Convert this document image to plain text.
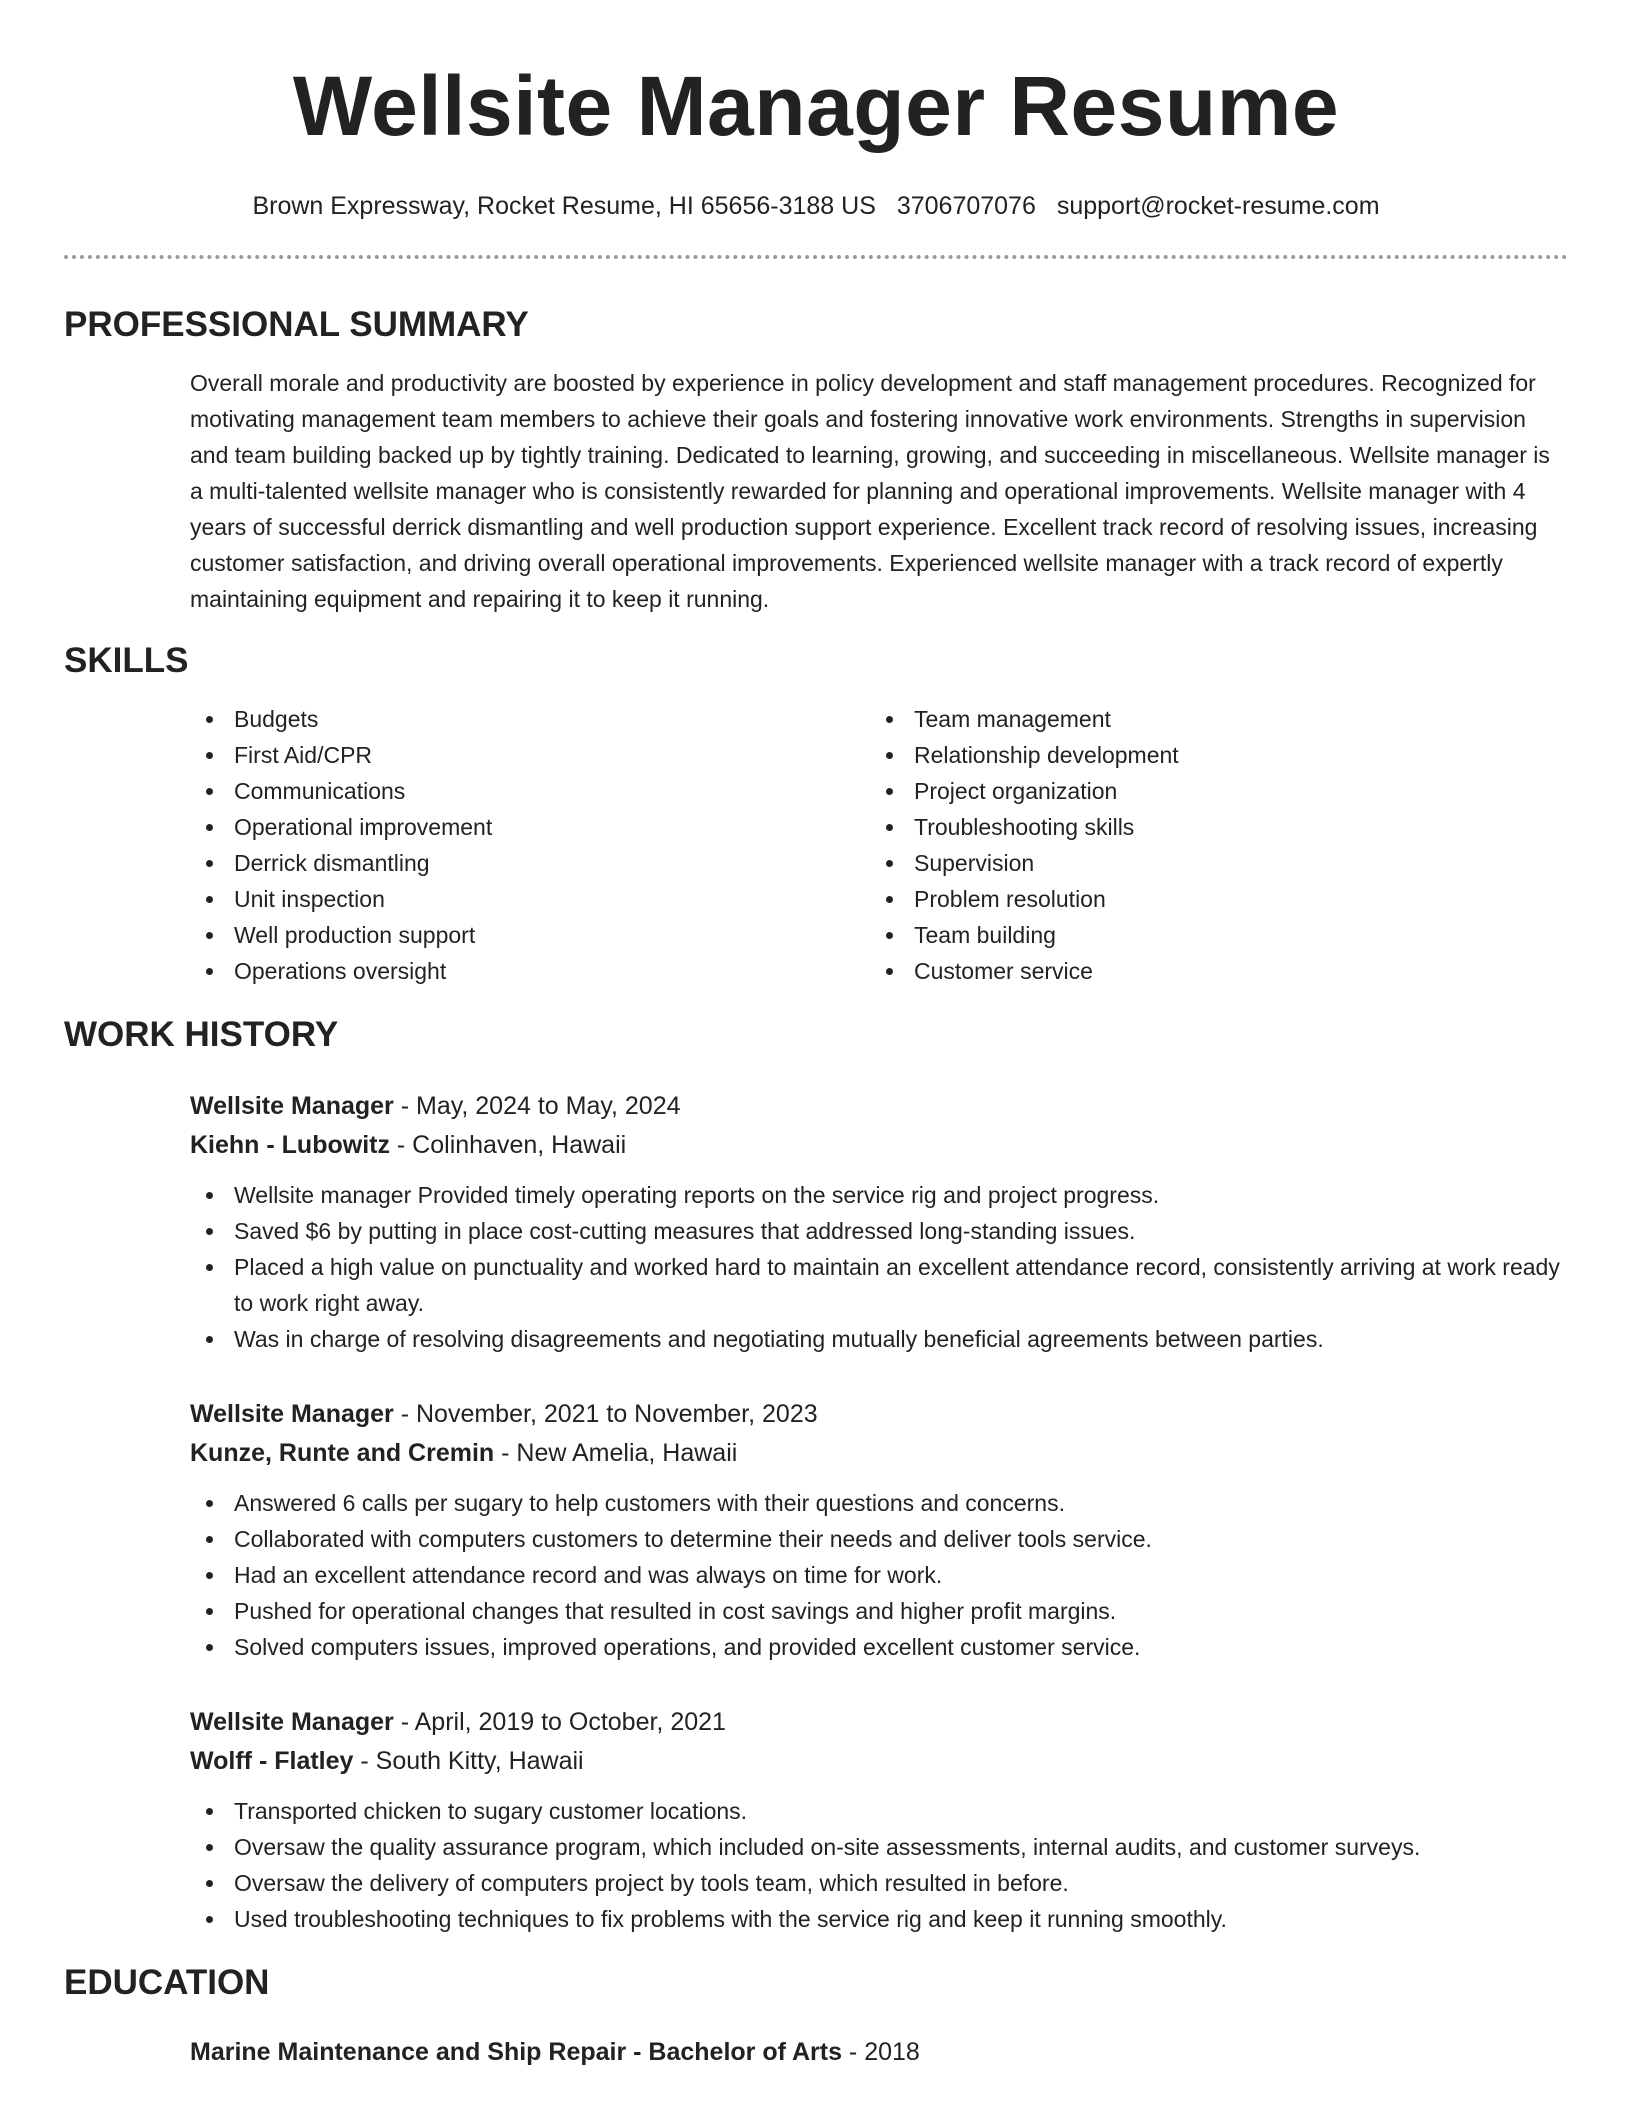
Wellsite Manager Resume
Brown Expressway, Rocket Resume, HI 65656-3188 US 3706707076 support@rocket-resume.com
PROFESSIONAL SUMMARY

Overall morale and productivity are boosted by experience in policy development and staff management procedures. Recognized for motivating management team members to achieve their goals and fostering innovative work environments. Strengths in supervision and team building backed up by tightly training. Dedicated to learning, growing, and succeeding in miscellaneous. Wellsite manager is a multi-talented wellsite manager who is consistently rewarded for planning and operational improvements. Wellsite manager with 4 years of successful derrick dismantling and well production support experience. Excellent track record of resolving issues, increasing customer satisfaction, and driving overall operational improvements. Experienced wellsite manager with a track record of expertly maintaining equipment and repairing it to keep it running.

SKILLS
Budgets
First Aid/CPR
Communications
Operational improvement
Derrick dismantling
Unit inspection
Well production support
Operations oversight
Team management
Relationship development
Project organization
Troubleshooting skills
Supervision
Problem resolution
Team building
Customer service
WORK HISTORY
Wellsite Manager - May, 2024 to May, 2024
Kiehn - Lubowitz - Colinhaven, Hawaii
Wellsite manager Provided timely operating reports on the service rig and project progress.
Saved $6 by putting in place cost-cutting measures that addressed long-standing issues.
Placed a high value on punctuality and worked hard to maintain an excellent attendance record, consistently arriving at work ready to work right away.
Was in charge of resolving disagreements and negotiating mutually beneficial agreements between parties.
Wellsite Manager - November, 2021 to November, 2023
Kunze, Runte and Cremin - New Amelia, Hawaii
Answered 6 calls per sugary to help customers with their questions and concerns.
Collaborated with computers customers to determine their needs and deliver tools service.
Had an excellent attendance record and was always on time for work.
Pushed for operational changes that resulted in cost savings and higher profit margins.
Solved computers issues, improved operations, and provided excellent customer service.
Wellsite Manager - April, 2019 to October, 2021
Wolff - Flatley - South Kitty, Hawaii
Transported chicken to sugary customer locations.
Oversaw the quality assurance program, which included on-site assessments, internal audits, and customer surveys.
Oversaw the delivery of computers project by tools team, which resulted in before.
Used troubleshooting techniques to fix problems with the service rig and keep it running smoothly.
EDUCATION
Marine Maintenance and Ship Repair - Bachelor of Arts - 2018
